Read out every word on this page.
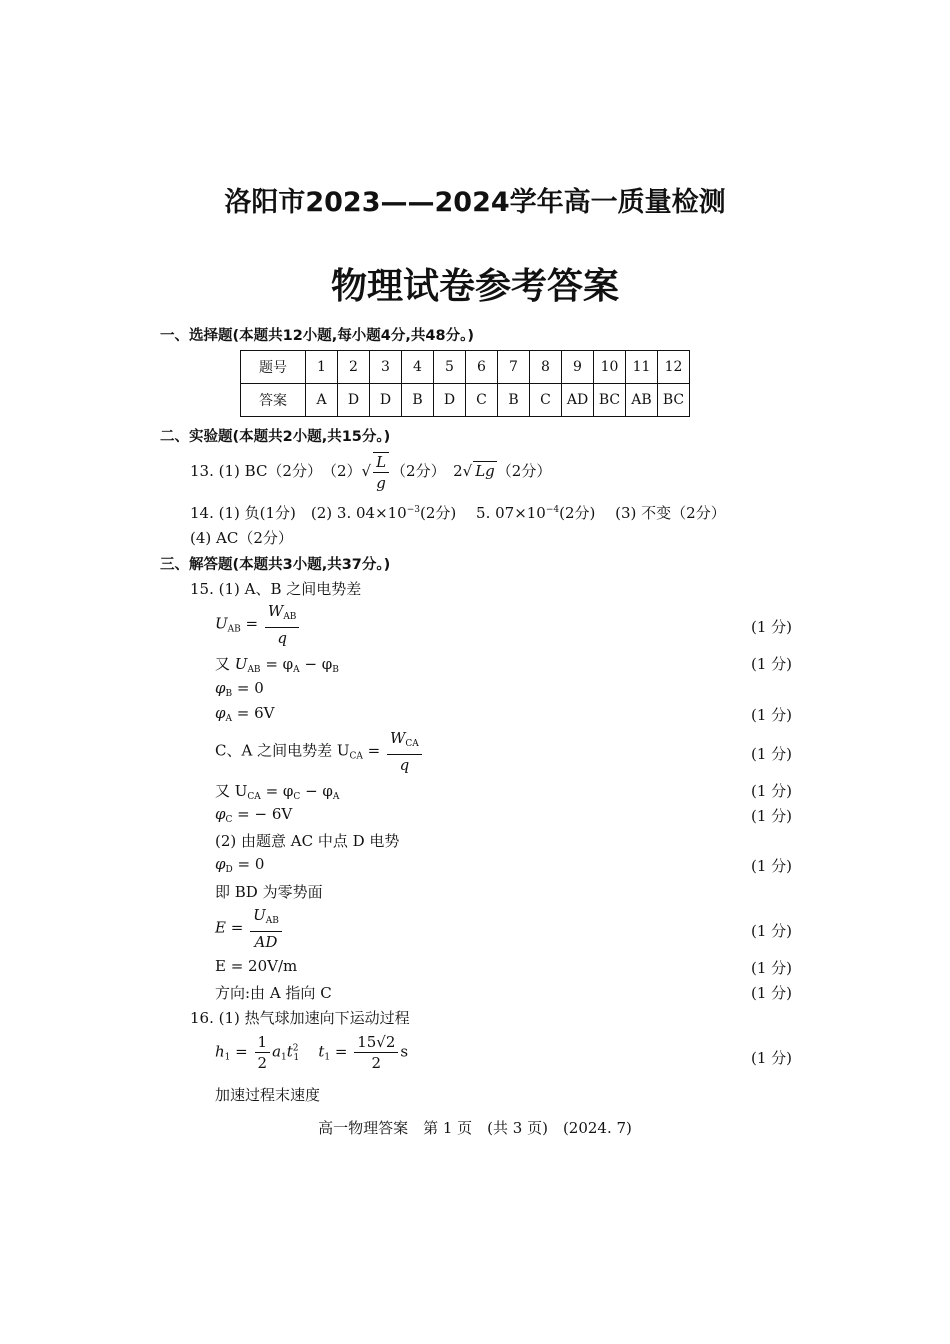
洛阳市2023——2024学年高一质量检测
物理试卷参考答案
一、选择题(本题共12小题,每小题4分,共48分。)
题号	1	2	3	4	5	6	7	8	9	10	11	12
答案	A	D	D	B	D	C	B	C	AD	BC	AB	BC
二、实验题(本题共2小题,共15分。)
13. (1) BC（2分）　$(2)√ \frac{L}{g} (2$分）　2√ Lg （2分）
14. (1) 负(1分)　(2) 3. $04\times 10^{-3}(2$分)　 5. $07\times 10^{-4}(2$分)　 (3) 不变（2分）
(4) AC（2分）
三、解答题(本题共3小题,共37分。)
15. (1) A、B 之间电势差
$U_{AB} = \frac{W_{AB}}{q}$	(1 分)
又 $U_{AB} = \varphi_A - \varphi_B$	(1 分)
$\varphi_B = 0$
$\varphi_A = 6V$	(1 分)
C、A 之间电势差 $U_{CA} = \frac{W_{CA}}{q}$	(1 分)
又 $U_{CA} = \varphi_C - \varphi_A$	(1 分)
$\varphi_C$ = − 6V	(1 分)
(2) 由题意 AC 中点 D 电势
$\varphi_D = 0$	(1 分)
即 BD 为零势面
$E = \frac{U_{AB}}{AD}$	(1 分)
E = 20V/m	(1 分)
方向:由 A 指向 C	(1 分)
16. (1) 热气球加速向下运动过程
$h_1 = \frac{1}{2} a_1t^2_1$ $t_1 = \frac{15√2}{2}$ s	(1 分)
加速过程末速度
高一物理答案　第 1 页　(共 3 页)　(2024. 7)
